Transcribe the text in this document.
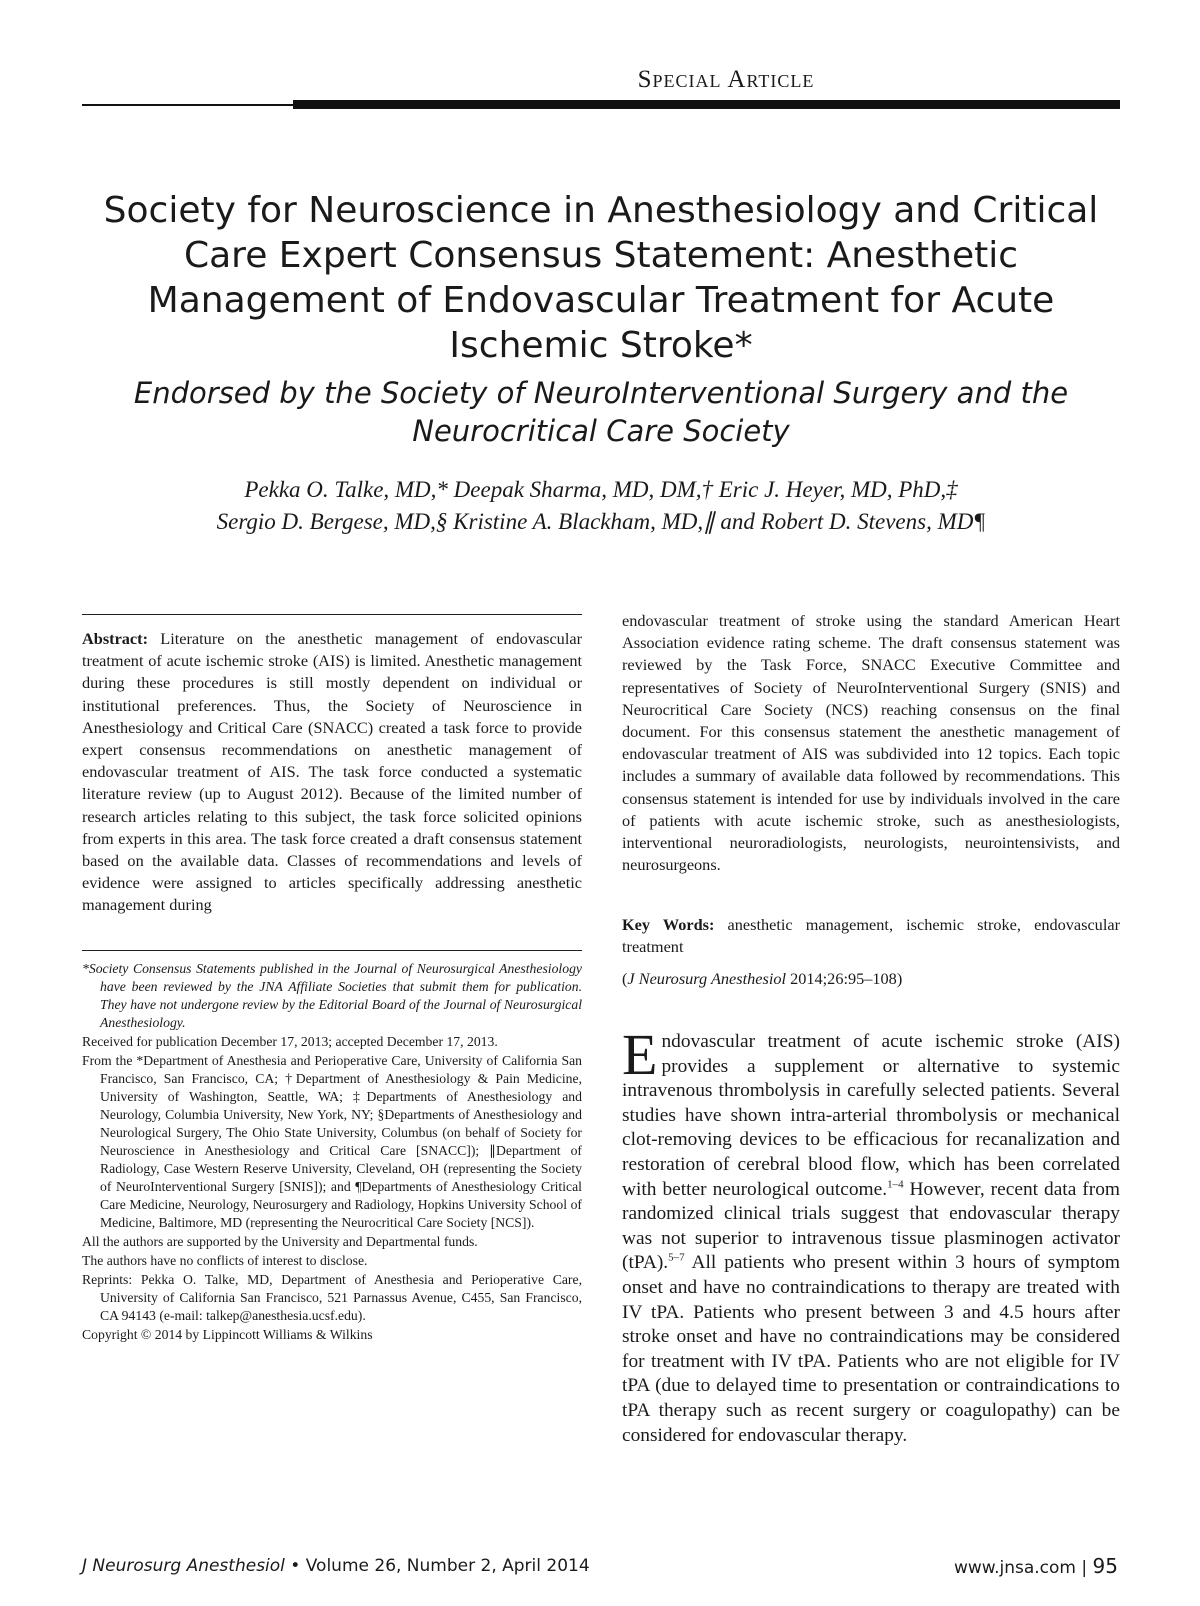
Special Article
Society for Neuroscience in Anesthesiology and Critical Care Expert Consensus Statement: Anesthetic Management of Endovascular Treatment for Acute Ischemic Stroke*
Endorsed by the Society of NeuroInterventional Surgery and the Neurocritical Care Society
Pekka O. Talke, MD,* Deepak Sharma, MD, DM,† Eric J. Heyer, MD, PhD,‡
Sergio D. Bergese, MD,§ Kristine A. Blackham, MD,∥ and Robert D. Stevens, MD¶

Abstract: Literature on the anesthetic management of endovascular treatment of acute ischemic stroke (AIS) is limited. Anesthetic management during these procedures is still mostly dependent on individual or institutional preferences. Thus, the Society of Neuroscience in Anesthesiology and Critical Care (SNACC) created a task force to provide expert consensus recommendations on anesthetic management of endovascular treatment of AIS. The task force conducted a systematic literature review (up to August 2012). Because of the limited number of research articles relating to this subject, the task force solicited opinions from experts in this area. The task force created a draft consensus statement based on the available data. Classes of recommendations and levels of evidence were assigned to articles specifically addressing anesthetic management during

endovascular treatment of stroke using the standard American Heart Association evidence rating scheme. The draft consensus statement was reviewed by the Task Force, SNACC Executive Committee and representatives of Society of NeuroInterventional Surgery (SNIS) and Neurocritical Care Society (NCS) reaching consensus on the final document. For this consensus statement the anesthetic management of endovascular treatment of AIS was subdivided into 12 topics. Each topic includes a summary of available data followed by recommendations. This consensus statement is intended for use by individuals involved in the care of patients with acute ischemic stroke, such as anesthesiologists, interventional neuroradiologists, neurologists, neurointensivists, and neurosurgeons.

Key Words: anesthetic management, ischemic stroke, endovascular treatment

(J Neurosurg Anesthesiol 2014;26:95–108)

*Society Consensus Statements published in the Journal of Neurosurgical Anesthesiology have been reviewed by the JNA Affiliate Societies that submit them for publication. They have not undergone review by the Editorial Board of the Journal of Neurosurgical Anesthesiology.

Received for publication December 17, 2013; accepted December 17, 2013.

From the *Department of Anesthesia and Perioperative Care, University of California San Francisco, San Francisco, CA; †Department of Anesthesiology & Pain Medicine, University of Washington, Seattle, WA; ‡Departments of Anesthesiology and Neurology, Columbia University, New York, NY; §Departments of Anesthesiology and Neurological Surgery, The Ohio State University, Columbus (on behalf of Society for Neuroscience in Anesthesiology and Critical Care [SNACC]); ∥Department of Radiology, Case Western Reserve University, Cleveland, OH (representing the Society of NeuroInterventional Surgery [SNIS]); and ¶Departments of Anesthesiology Critical Care Medicine, Neurology, Neurosurgery and Radiology, Hopkins University School of Medicine, Baltimore, MD (representing the Neurocritical Care Society [NCS]).

All the authors are supported by the University and Departmental funds.

The authors have no conflicts of interest to disclose.

Reprints: Pekka O. Talke, MD, Department of Anesthesia and Perioperative Care, University of California San Francisco, 521 Parnassus Avenue, C455, San Francisco, CA 94143 (e-mail: talkep@anesthesia.ucsf.edu).

Copyright © 2014 by Lippincott Williams & Wilkins

Endovascular treatment of acute ischemic stroke (AIS) provides a supplement or alternative to systemic intravenous thrombolysis in carefully selected patients. Several studies have shown intra-arterial thrombolysis or mechanical clot-removing devices to be efficacious for recanalization and restoration of cerebral blood flow, which has been correlated with better neurological outcome.$^{1-4}$ However, recent data from randomized clinical trials suggest that endovascular therapy was not superior to intravenous tissue plasminogen activator (tPA).$^{5-7}$ All patients who present within 3 hours of symptom onset and have no contraindications to therapy are treated with IV tPA. Patients who present between 3 and 4.5 hours after stroke onset and have no contraindications may be considered for treatment with IV tPA. Patients who are not eligible for IV tPA (due to delayed time to presentation or contraindications to tPA therapy such as recent surgery or coagulopathy) can be considered for endovascular therapy.

J Neurosurg Anesthesiol • Volume 26, Number 2, April 2014	www.jnsa.com | 95
